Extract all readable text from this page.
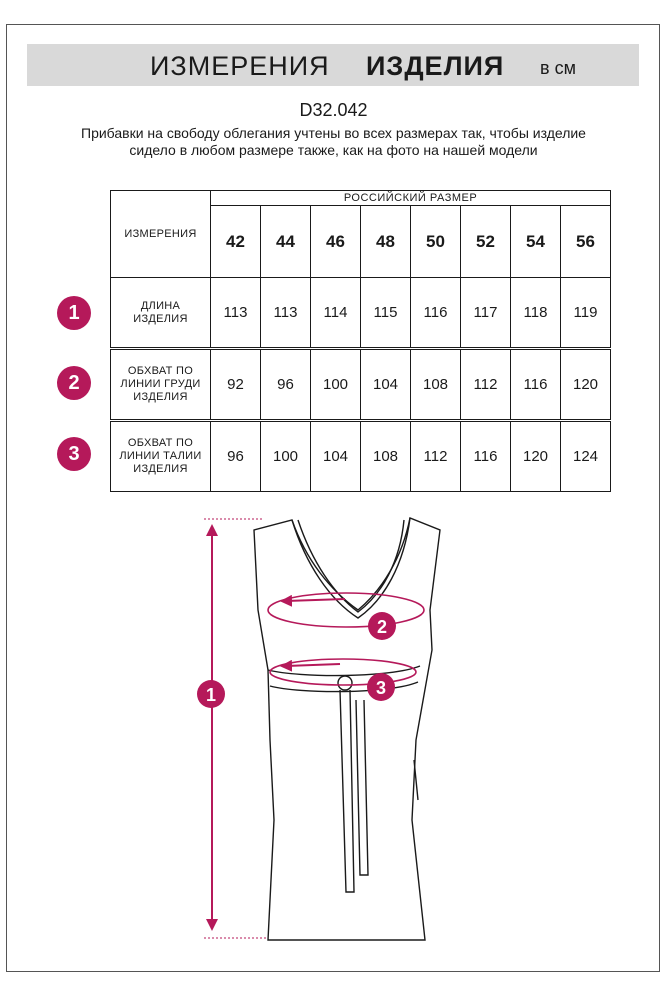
ИЗМЕРЕНИЯ ИЗДЕЛИЯ в см
D32.042
Прибавки на свободу облегания учтены во всех размерах так, чтобы изделие сидело в любом размере также, как на фото на нашей модели
1
2
3
ИЗМЕРЕНИЯ	РОССИЙСКИЙ РАЗМЕР							
	42	44	46	48	50	52	54	56
ДЛИНА
ИЗДЕЛИЯ	113	113	114	115	116	117	118	119

ОБХВАТ ПО
ЛИНИИ ГРУДИ
ИЗДЕЛИЯ	92	96	100	104	108	112	116	120

ОБХВАТ ПО
ЛИНИИ ТАЛИИ
ИЗДЕЛИЯ	96	100	104	108	112	116	120	124
1
2
3
